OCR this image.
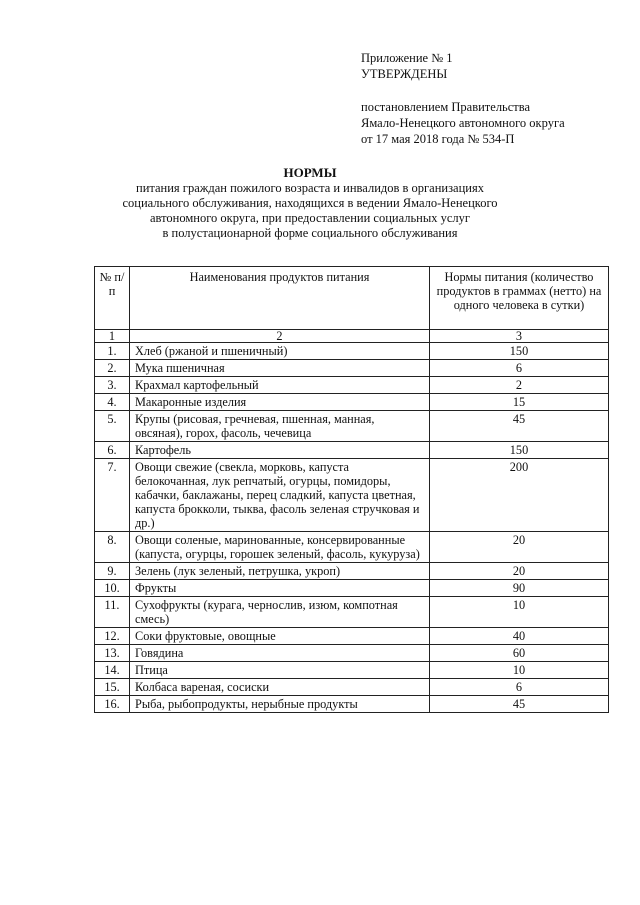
Приложение № 1
УТВЕРЖДЕНЫ
постановлением Правительства
Ямало-Ненецкого автономного округа
от 17 мая 2018 года № 534-П
НОРМЫ
питания граждан пожилого возраста и инвалидов в организациях
социального обслуживания, находящихся в ведении Ямало-Ненецкого
автономного округа, при предоставлении социальных услуг
в полустационарной форме социального обслуживания
№ п/п	Наименования продуктов питания	Нормы питания (количество продуктов в граммах (нетто) на одного человека в сутки)
1	2	3
1.	Хлеб (ржаной и пшеничный)	150
2.	Мука пшеничная	6
3.	Крахмал картофельный	2
4.	Макаронные изделия	15
5.	Крупы (рисовая, гречневая, пшенная, манная, овсяная), горох, фасоль, чечевица	45
6.	Картофель	150
7.	Овощи свежие (свекла, морковь, капуста белокочанная, лук репчатый, огурцы, помидоры, кабачки, баклажаны, перец сладкий, капуста цветная, капуста брокколи, тыква, фасоль зеленая стручковая и др.)	200
8.	Овощи соленые, маринованные, консервированные (капуста, огурцы, горошек зеленый, фасоль, кукуруза)	20
9.	Зелень (лук зеленый, петрушка, укроп)	20
10.	Фрукты	90
11.	Сухофрукты (курага, чернослив, изюм, компотная смесь)	10
12.	Соки фруктовые, овощные	40
13.	Говядина	60
14.	Птица	10
15.	Колбаса вареная, сосиски	6
16.	Рыба, рыбопродукты, нерыбные продукты	45
